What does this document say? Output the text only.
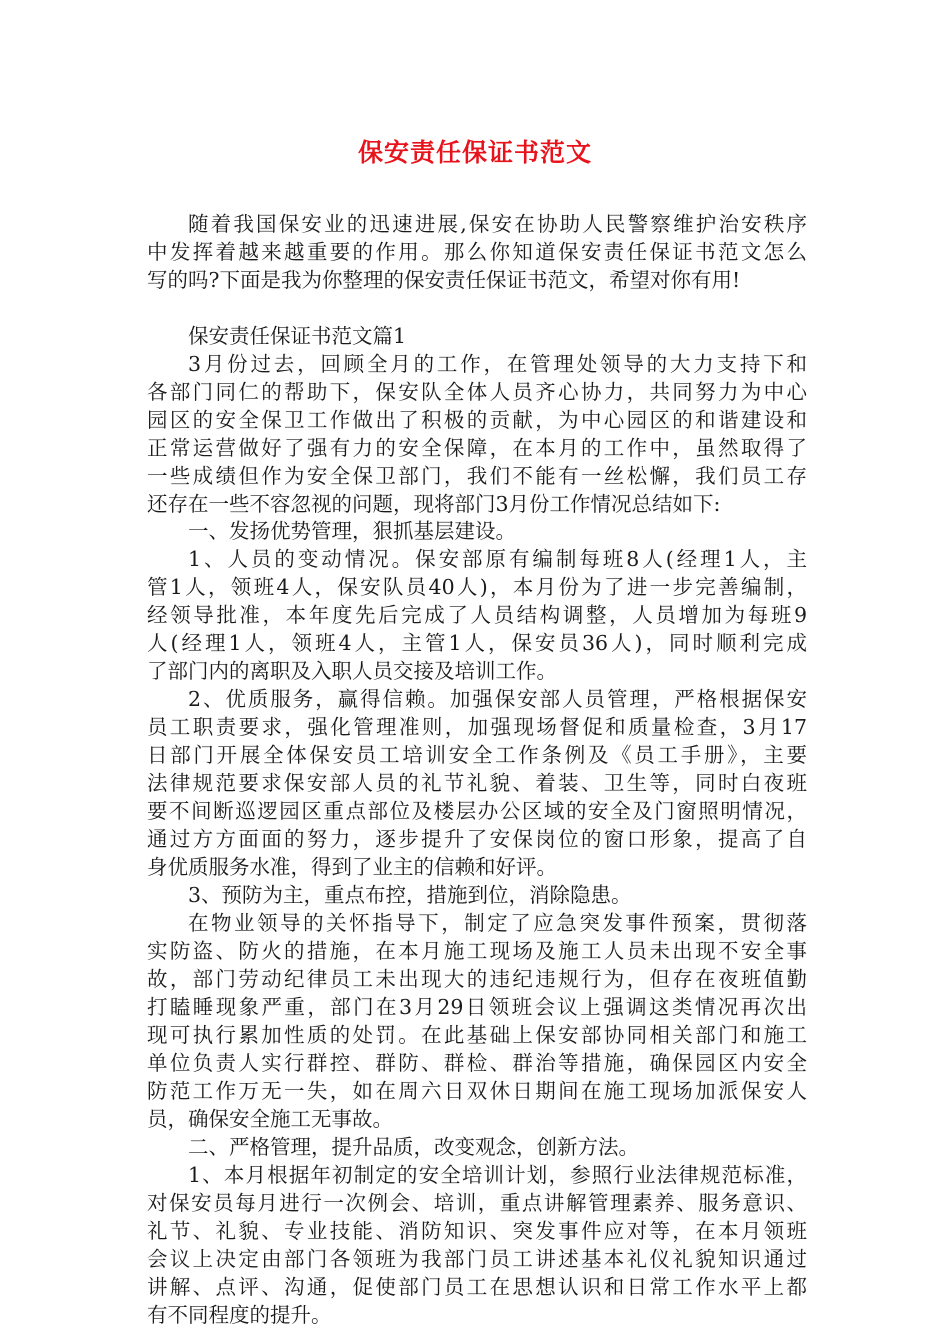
保安责任保证书范文
随着我国保安业的迅速进展,保安在协助人民警察维护治安秩序
中发挥着越来越重要的作用。那么你知道保安责任保证书范文怎么
写的吗?下面是我为你整理的保安责任保证书范文，希望对你有用!
保安责任保证书范文篇1
3月份过去，回顾全月的工作，在管理处领导的大力支持下和
各部门同仁的帮助下，保安队全体人员齐心协力，共同努力为中心
园区的安全保卫工作做出了积极的贡献，为中心园区的和谐建设和
正常运营做好了强有力的安全保障，在本月的工作中，虽然取得了
一些成绩但作为安全保卫部门，我们不能有一丝松懈，我们员工存
还存在一些不容忽视的问题，现将部门3月份工作情况总结如下:
一、发扬优势管理，狠抓基层建设。
1、人员的变动情况。保安部原有编制每班8人(经理1人，主
管1人，领班4人，保安队员40人)，本月份为了进一步完善编制，
经领导批准，本年度先后完成了人员结构调整，人员增加为每班9
人(经理1人，领班4人，主管1人，保安员36人)，同时顺利完成
了部门内的离职及入职人员交接及培训工作。
2、优质服务，赢得信赖。加强保安部人员管理，严格根据保安
员工职责要求，强化管理准则，加强现场督促和质量检查，3月17
日部门开展全体保安员工培训安全工作条例及《员工手册》，主要
法律规范要求保安部人员的礼节礼貌、着装、卫生等，同时白夜班
要不间断巡逻园区重点部位及楼层办公区域的安全及门窗照明情况，
通过方方面面的努力，逐步提升了安保岗位的窗口形象，提高了自
身优质服务水准，得到了业主的信赖和好评。
3、预防为主，重点布控，措施到位，消除隐患。
在物业领导的关怀指导下，制定了应急突发事件预案，贯彻落
实防盗、防火的措施，在本月施工现场及施工人员未出现不安全事
故，部门劳动纪律员工未出现大的违纪违规行为，但存在夜班值勤
打瞌睡现象严重，部门在3月29日领班会议上强调这类情况再次出
现可执行累加性质的处罚。在此基础上保安部协同相关部门和施工
单位负责人实行群控、群防、群检、群治等措施，确保园区内安全
防范工作万无一失，如在周六日双休日期间在施工现场加派保安人
员，确保安全施工无事故。
二、严格管理，提升品质，改变观念，创新方法。
1、本月根据年初制定的安全培训计划，参照行业法律规范标准，
对保安员每月进行一次例会、培训，重点讲解管理素养、服务意识、
礼节、礼貌、专业技能、消防知识、突发事件应对等，在本月领班
会议上决定由部门各领班为我部门员工讲述基本礼仪礼貌知识通过
讲解、点评、沟通，促使部门员工在思想认识和日常工作水平上都
有不同程度的提升。
